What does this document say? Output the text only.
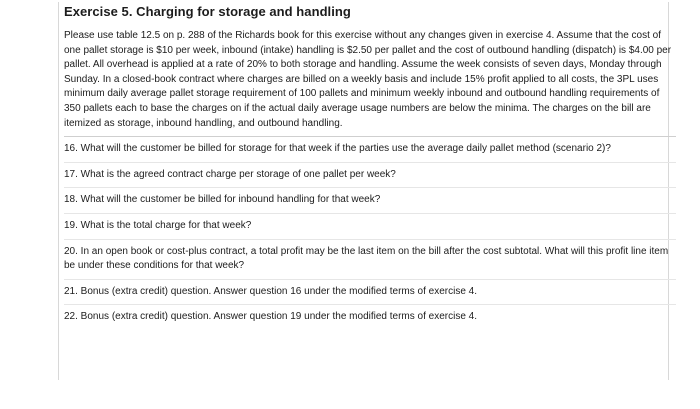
Exercise 5. Charging for storage and handling

Please use table 12.5 on p. 288 of the Richards book for this exercise without any changes given in exercise 4. Assume that the cost of one pallet storage is $10 per week, inbound (intake) handling is $2.50 per pallet and the cost of outbound handling (dispatch) is $4.00 per pallet. All overhead is applied at a rate of 20% to both storage and handling. Assume the week consists of seven days, Monday through Sunday. In a closed-book contract where charges are billed on a weekly basis and include 15% profit applied to all costs, the 3PL uses minimum daily average pallet storage requirement of 100 pallets and minimum weekly inbound and outbound handling requirements of 350 pallets each to base the charges on if the actual daily average usage numbers are below the minima. The charges on the bill are itemized as storage, inbound handling, and outbound handling.

16. What will the customer be billed for storage for that week if the parties use the average daily pallet method (scenario 2)?

17. What is the agreed contract charge per storage of one pallet per week?

18. What will the customer be billed for inbound handling for that week?

19. What is the total charge for that week?

20. In an open book or cost-plus contract, a total profit may be the last item on the bill after the cost subtotal. What will this profit line item be under these conditions for that week?

21. Bonus (extra credit) question. Answer question 16 under the modified terms of exercise 4.

22. Bonus (extra credit) question. Answer question 19 under the modified terms of exercise 4.
